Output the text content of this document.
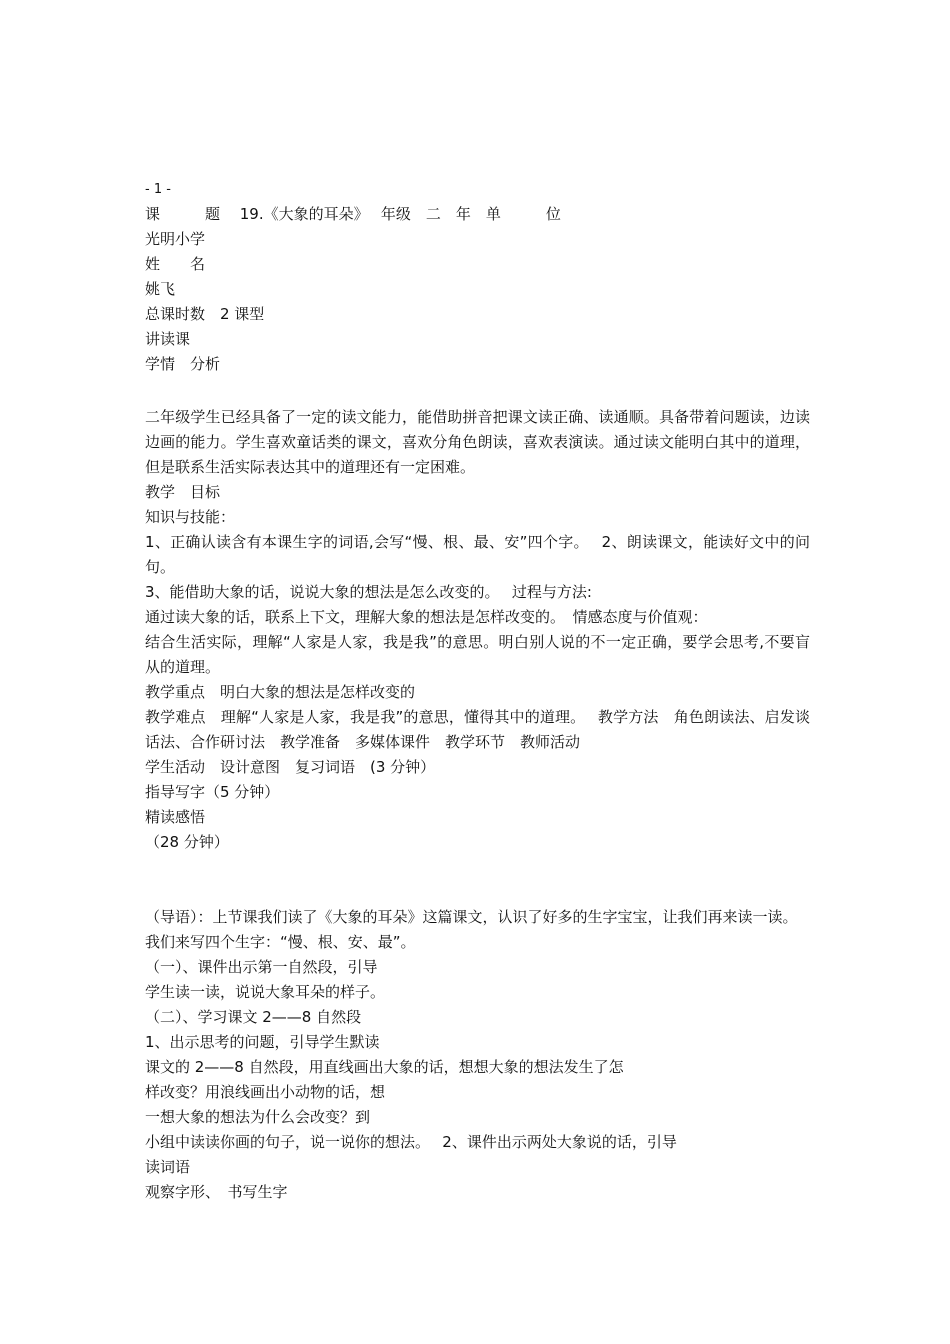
- 1 -
课　　　题　 19.《大象的耳朵》　 年级　二　年　单　　　位
光明小学
姓　　名
姚飞
总课时数　2 课型
讲读课
学情　分析
二年级学生已经具备了一定的读文能力，能借助拼音把课文读正确、读通顺。具备带着问题读，边读边画的能力。学生喜欢童话类的课文，喜欢分角色朗读，喜欢表演读。通过读文能明白其中的道理，但是联系生活实际表达其中的道理还有一定困难。
教学　目标
知识与技能：
1、正确认读含有本课生字的词语,会写“慢、根、最、安”四个字。　 2、朗读课文，能读好文中的问句。
3、能借助大象的话，说说大象的想法是怎么改变的。　 过程与方法:
通过读大象的话，联系上下文，理解大象的想法是怎样改变的。　情感态度与价值观：
结合生活实际，理解“人家是人家，我是我”的意思。明白别人说的不一定正确，要学会思考,不要盲从的道理。
教学重点　明白大象的想法是怎样改变的
教学难点　理解“人家是人家，我是我”的意思，懂得其中的道理。　 教学方法　角色朗读法、启发谈话法、合作研讨法　教学准备　多媒体课件　教学环节　教师活动
学生活动　设计意图　复习词语　(3 分钟）
指导写字（5 分钟）
精读感悟
（28 分钟）
（导语）：上节课我们读了《大象的耳朵》这篇课文，认识了好多的生字宝宝，让我们再来读一读。
我们来写四个生字：“慢、根、安、最”。
（一）、课件出示第一自然段，引导
学生读一读，说说大象耳朵的样子。
（二）、学习课文 2——8 自然段
1、出示思考的问题，引导学生默读
课文的 2——8 自然段，用直线画出大象的话，想想大象的想法发生了怎
样改变？用浪线画出小动物的话，想
一想大象的想法为什么会改变？到
小组中读读你画的句子，说一说你的想法。　 2、课件出示两处大象说的话，引导
读词语
观察字形、　书写生字
